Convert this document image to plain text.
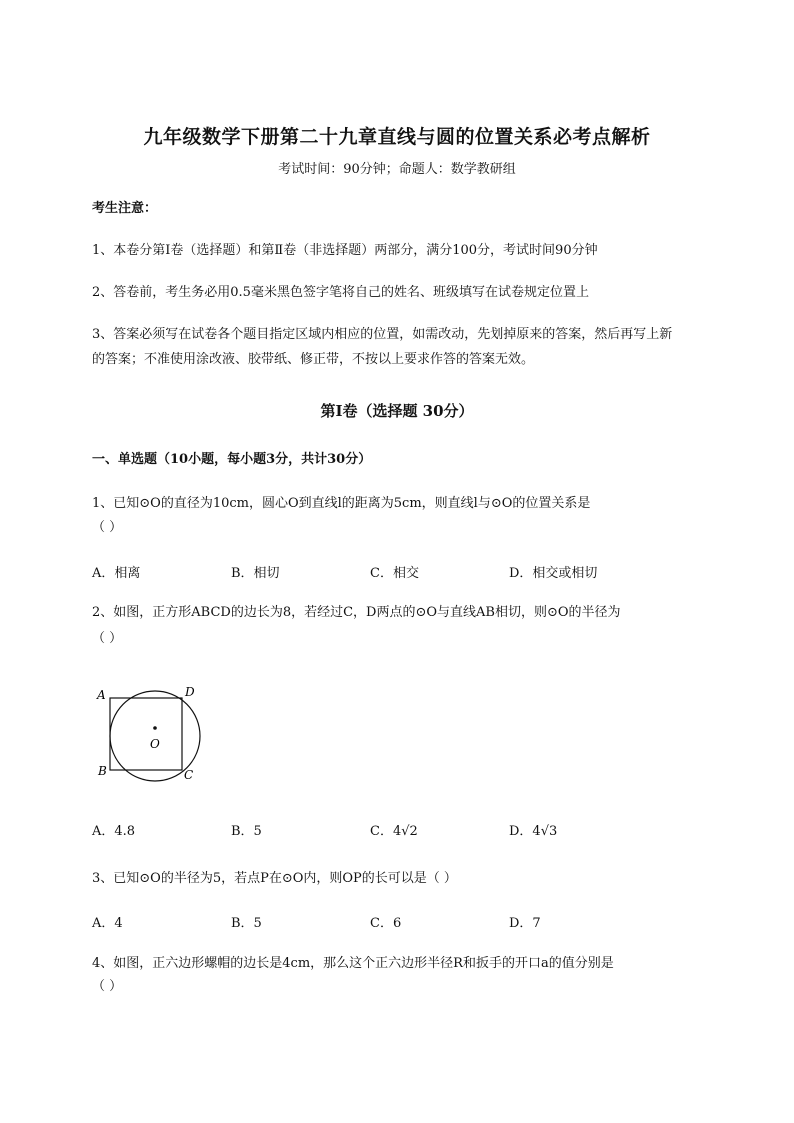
九年级数学下册第二十九章直线与圆的位置关系必考点解析
考试时间：90分钟；命题人：数学教研组
考生注意：
1、本卷分第Ⅰ卷（选择题）和第Ⅱ卷（非选择题）两部分，满分100分，考试时间90分钟
2、答卷前，考生务必用0.5毫米黑色签字笔将自己的姓名、班级填写在试卷规定位置上
3、答案必须写在试卷各个题目指定区域内相应的位置，如需改动，先划掉原来的答案，然后再写上新
的答案；不准使用涂改液、胶带纸、修正带，不按以上要求作答的答案无效。
第Ⅰ卷（选择题 30分）
一、单选题（10小题，每小题3分，共计30分）
1、已知⊙O的直径为10cm，圆心O到直线l的距离为5cm，则直线l与⊙O的位置关系是
（ ）
A．相离	B．相切	C．相交	D．相交或相切
2、如图，正方形ABCD的边长为8，若经过C，D两点的⊙O与直线AB相切，则⊙O的半径为
（ ）
A	D
O
B	C
A．4.8	B．5	C．4√2	D．4√3
3、已知⊙O的半径为5，若点P在⊙O内，则OP的长可以是（ ）
A．4	B．5	C．6	D．7
4、如图，正六边形螺帽的边长是4cm，那么这个正六边形半径R和扳手的开口a的值分别是
（ ）
